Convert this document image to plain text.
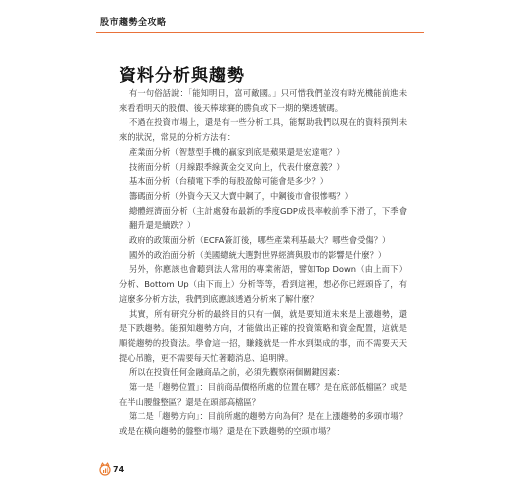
股市趨勢全攻略
資料分析與趨勢

有一句俗話說：「能知明日，富可敵國。」只可惜我們並沒有時光機能前進未來看看明天的股價、後天棒球賽的勝負或下一期的樂透號碼。

不過在投資市場上，還是有一些分析工具，能幫助我們以現在的資料預判未來的狀況，常見的分析方法有：

產業面分析（智慧型手機的贏家到底是蘋果還是宏達電？）

技術面分析（月線跟季線黃金交叉向上，代表什麼意義？）

基本面分析（台積電下季的每股盈餘可能會是多少？）

籌碼面分析（外資今天又大賣中鋼了，中鋼後市會很慘嗎？）

總體經濟面分析（主計處發布最新的季度GDP成長率較前季下滑了，下季會翻升還是續跌？）

政府的政策面分析（ECFA簽訂後，哪些產業利基最大？哪些會受傷？）

國外的政治面分析（美國總統大選對世界經濟與股市的影響是什麼？）

另外，你應該也會聽到法人常用的專業術語，譬如Top Down（由上而下）分析、Bottom Up（由下而上）分析等等，看到這裡，想必你已經頭昏了，有這麼多分析方法，我們到底應該透過分析來了解什麼？

其實，所有研究分析的最終目的只有一個，就是要知道未來是上漲趨勢，還是下跌趨勢。能預知趨勢方向，才能做出正確的投資策略和資金配置，這就是順從趨勢的投資法。學會這一招，賺錢就是一件水到渠成的事，而不需要天天提心吊膽，更不需要每天忙著聽消息、追明牌。

所以在投資任何金融商品之前，必須先觀察兩個關鍵因素：

第一是「趨勢位置」：目前商品價格所處的位置在哪？是在底部低檔區？或是在半山腰盤整區？還是在頭部高檔區？

第二是「趨勢方向」：目前所處的趨勢方向為何？是在上漲趨勢的多頭市場？或是在橫向趨勢的盤整市場？還是在下跌趨勢的空頭市場？

74
